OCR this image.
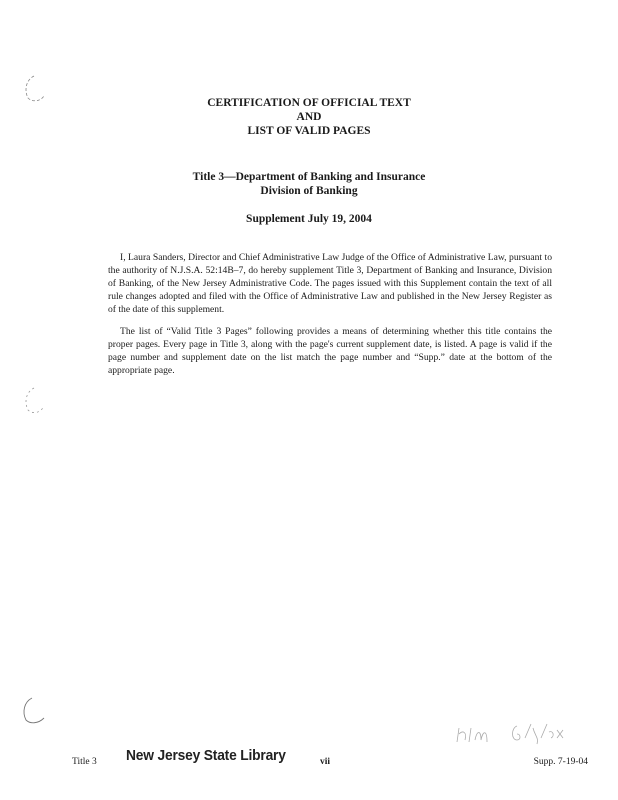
CERTIFICATION OF OFFICIAL TEXT
AND
LIST OF VALID PAGES
Title 3—Department of Banking and Insurance
Division of Banking
Supplement July 19, 2004

I, Laura Sanders, Director and Chief Administrative Law Judge of the Office of Administrative Law, pursuant to the authority of N.J.S.A. 52:14B–7, do hereby supplement Title 3, Department of Banking and Insurance, Division of Banking, of the New Jersey Administrative Code. The pages issued with this Supplement contain the text of all rule changes adopted and filed with the Office of Administrative Law and published in the New Jersey Register as of the date of this supplement.

The list of “Valid Title 3 Pages” following provides a means of determining whether this title contains the proper pages. Every page in Title 3, along with the page's current supplement date, is listed. A page is valid if the page number and supplement date on the list match the page number and “Supp.” date at the bottom of the appropriate page.

Title 3 New Jersey State Library	vii	Supp. 7-19-04
